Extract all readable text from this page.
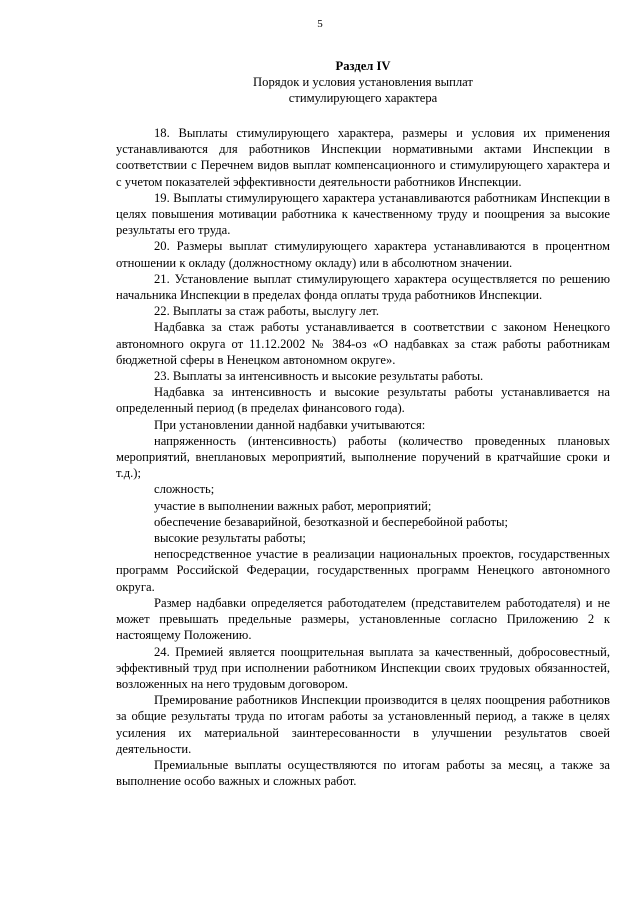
5
Раздел IV
Порядок и условия установления выплат
стимулирующего характера

18. Выплаты стимулирующего характера, размеры и условия их применения устанавливаются для работников Инспекции нормативными актами Инспекции в соответствии с Перечнем видов выплат компенсационного и стимулирующего характера и с учетом показателей эффективности деятельности работников Инспекции.

19. Выплаты стимулирующего характера устанавливаются работникам Инспекции в целях повышения мотивации работника к качественному труду и поощрения за высокие результаты его труда.

20. Размеры выплат стимулирующего характера устанавливаются в процентном отношении к окладу (должностному окладу) или в абсолютном значении.

21. Установление выплат стимулирующего характера осуществляется по решению начальника Инспекции в пределах фонда оплаты труда работников Инспекции.

22. Выплаты за стаж работы, выслугу лет.

Надбавка за стаж работы устанавливается в соответствии с законом Ненецкого автономного округа от 11.12.2002 № 384-оз «О надбавках за стаж работы работникам бюджетной сферы в Ненецком автономном округе».

23. Выплаты за интенсивность и высокие результаты работы.

Надбавка за интенсивность и высокие результаты работы устанавливается на определенный период (в пределах финансового года).

При установлении данной надбавки учитываются:

напряженность (интенсивность) работы (количество проведенных плановых мероприятий, внеплановых мероприятий, выполнение поручений в кратчайшие сроки и т.д.);

сложность;

участие в выполнении важных работ, мероприятий;

обеспечение безаварийной, безотказной и бесперебойной работы;

высокие результаты работы;

непосредственное участие в реализации национальных проектов, государственных программ Российской Федерации, государственных программ Ненецкого автономного округа.

Размер надбавки определяется работодателем (представителем работодателя) и не может превышать предельные размеры, установленные согласно Приложению 2 к настоящему Положению.

24. Премией является поощрительная выплата за качественный, добросовестный, эффективный труд при исполнении работником Инспекции своих трудовых обязанностей, возложенных на него трудовым договором.

Премирование работников Инспекции производится в целях поощрения работников за общие результаты труда по итогам работы за установленный период, а также в целях усиления их материальной заинтересованности в улучшении результатов своей деятельности.

Премиальные выплаты осуществляются по итогам работы за месяц, а также за выполнение особо важных и сложных работ.
